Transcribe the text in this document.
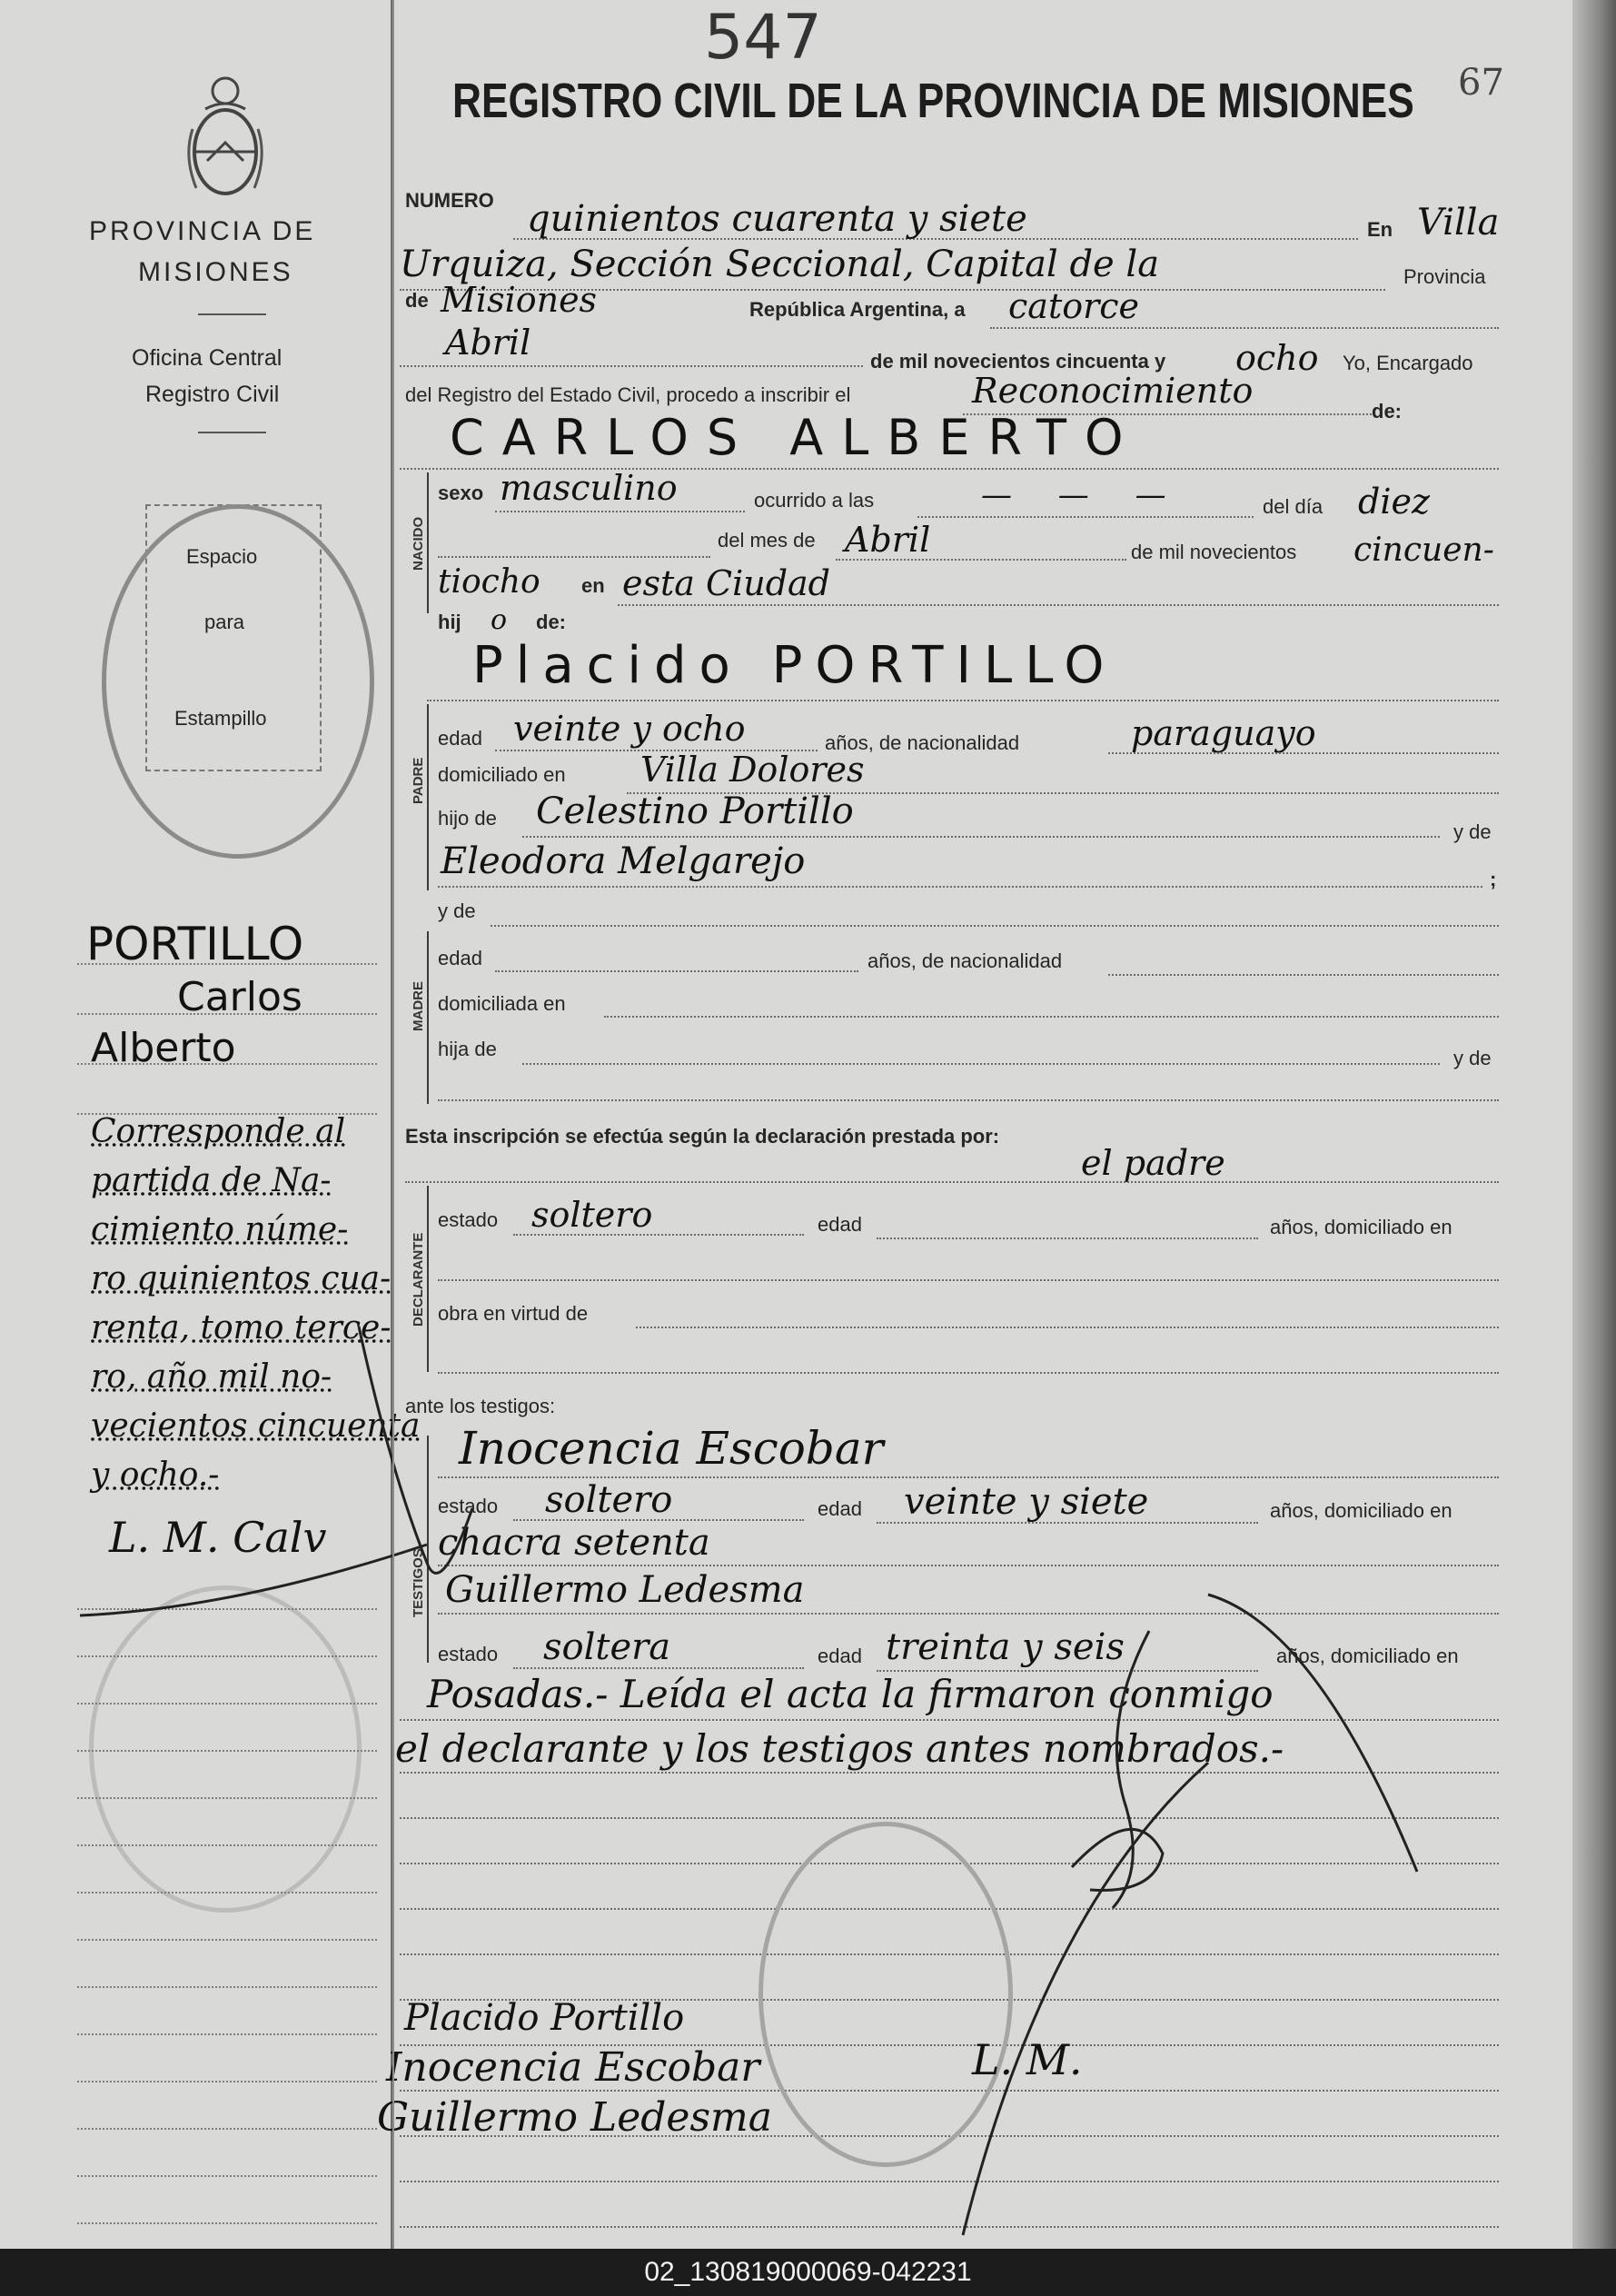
PROVINCIA DE
MISIONES
Oficina Central
Registro Civil
Espacio
para
Estampillo
PORTILLO
Carlos
Alberto
Corresponde al
partida de Na-
cimiento núme-
ro quinientos cua-
renta, tomo terce-
ro, año mil no-
vecientos cincuenta
y ocho.-
L. M. Calv
547
67
REGISTRO CIVIL DE LA PROVINCIA DE MISIONES
NUMERO quinientos cuarenta y siete	En Villa
Urquiza, Sección Seccional, Capital de la	Provincia
de Misiones	República Argentina, a catorce
Abril	de mil novecientos cincuenta y ocho Yo, Encargado
del Registro del Estado Civil, procedo a inscribir el	Reconocimiento
de:
CARLOS ALBERTO
NACIDO
sexo masculino	ocurrido a las	— — —	del día diez
del mes de Abril	de mil novecientos cincuen-
tiocho en esta Ciudad
hij o de:
Placido PORTILLO
PADRE
edad veinte y ocho	años, de nacionalidad	paraguayo
domiciliado en Villa Dolores
hijo de Celestino Portillo	y de
Eleodora Melgarejo	;
y de
MADRE
edad	años, de nacionalidad
domiciliada en
hija de	y de
Esta inscripción se efectúa según la declaración prestada por:
el padre
DECLARANTE
estado soltero	edad	años, domiciliado en
obra en virtud de
ante los testigos:
Inocencia Escobar
TESTIGOS
estado soltero	edad veinte y siete	años, domiciliado en
chacra setenta
Guillermo Ledesma
estado soltera	edad treinta y seis	años, domiciliado en
Posadas.- Leída el acta la firmaron conmigo
el declarante y los testigos antes nombrados.-
Placido Portillo
Inocencia Escobar
Guillermo Ledesma
L. M.
02_130819000069-042231
